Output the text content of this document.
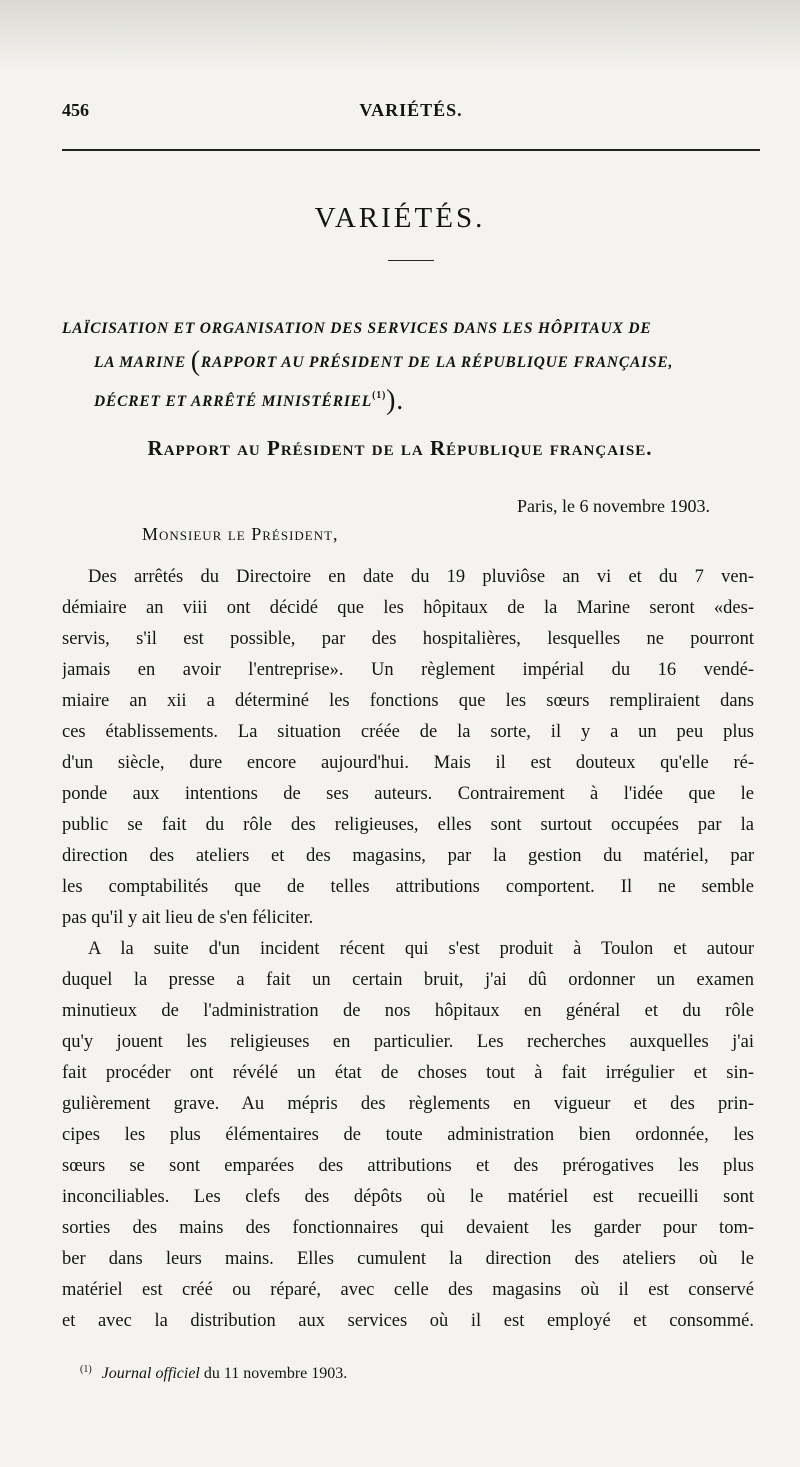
456	VARIÉTÉS.
VARIÉTÉS.
LAÏCISATION ET ORGANISATION DES SERVICES DANS LES HÔPITAUX DE
LA MARINE (RAPPORT AU PRÉSIDENT DE LA RÉPUBLIQUE FRANÇAISE,
DÉCRET ET ARRÊTÉ MINISTÉRIEL$^{(1)}$).
Rapport au Président de la République française.
Paris, le 6 novembre 1903.
Monsieur le Président,
Des arrêtés du Directoire en date du 19 pluviôse an vi et du 7 ven-
démiaire an viii ont décidé que les hôpitaux de la Marine seront «des-
servis, s'il est possible, par des hospitalières, lesquelles ne pourront
jamais en avoir l'entreprise». Un règlement impérial du 16 vendé-
miaire an xii a déterminé les fonctions que les sœurs rempliraient dans
ces établissements. La situation créée de la sorte, il y a un peu plus
d'un siècle, dure encore aujourd'hui. Mais il est douteux qu'elle ré-
ponde aux intentions de ses auteurs. Contrairement à l'idée que le
public se fait du rôle des religieuses, elles sont surtout occupées par la
direction des ateliers et des magasins, par la gestion du matériel, par
les comptabilités que de telles attributions comportent. Il ne semble
pas qu'il y ait lieu de s'en féliciter.
A la suite d'un incident récent qui s'est produit à Toulon et autour
duquel la presse a fait un certain bruit, j'ai dû ordonner un examen
minutieux de l'administration de nos hôpitaux en général et du rôle
qu'y jouent les religieuses en particulier. Les recherches auxquelles j'ai
fait procéder ont révélé un état de choses tout à fait irrégulier et sin-
gulièrement grave. Au mépris des règlements en vigueur et des prin-
cipes les plus élémentaires de toute administration bien ordonnée, les
sœurs se sont emparées des attributions et des prérogatives les plus
inconciliables. Les clefs des dépôts où le matériel est recueilli sont
sorties des mains des fonctionnaires qui devaient les garder pour tom-
ber dans leurs mains. Elles cumulent la direction des ateliers où le
matériel est créé ou réparé, avec celle des magasins où il est conservé
et avec la distribution aux services où il est employé et consommé.
$^{(1)}$ Journal officiel du 11 novembre 1903.
